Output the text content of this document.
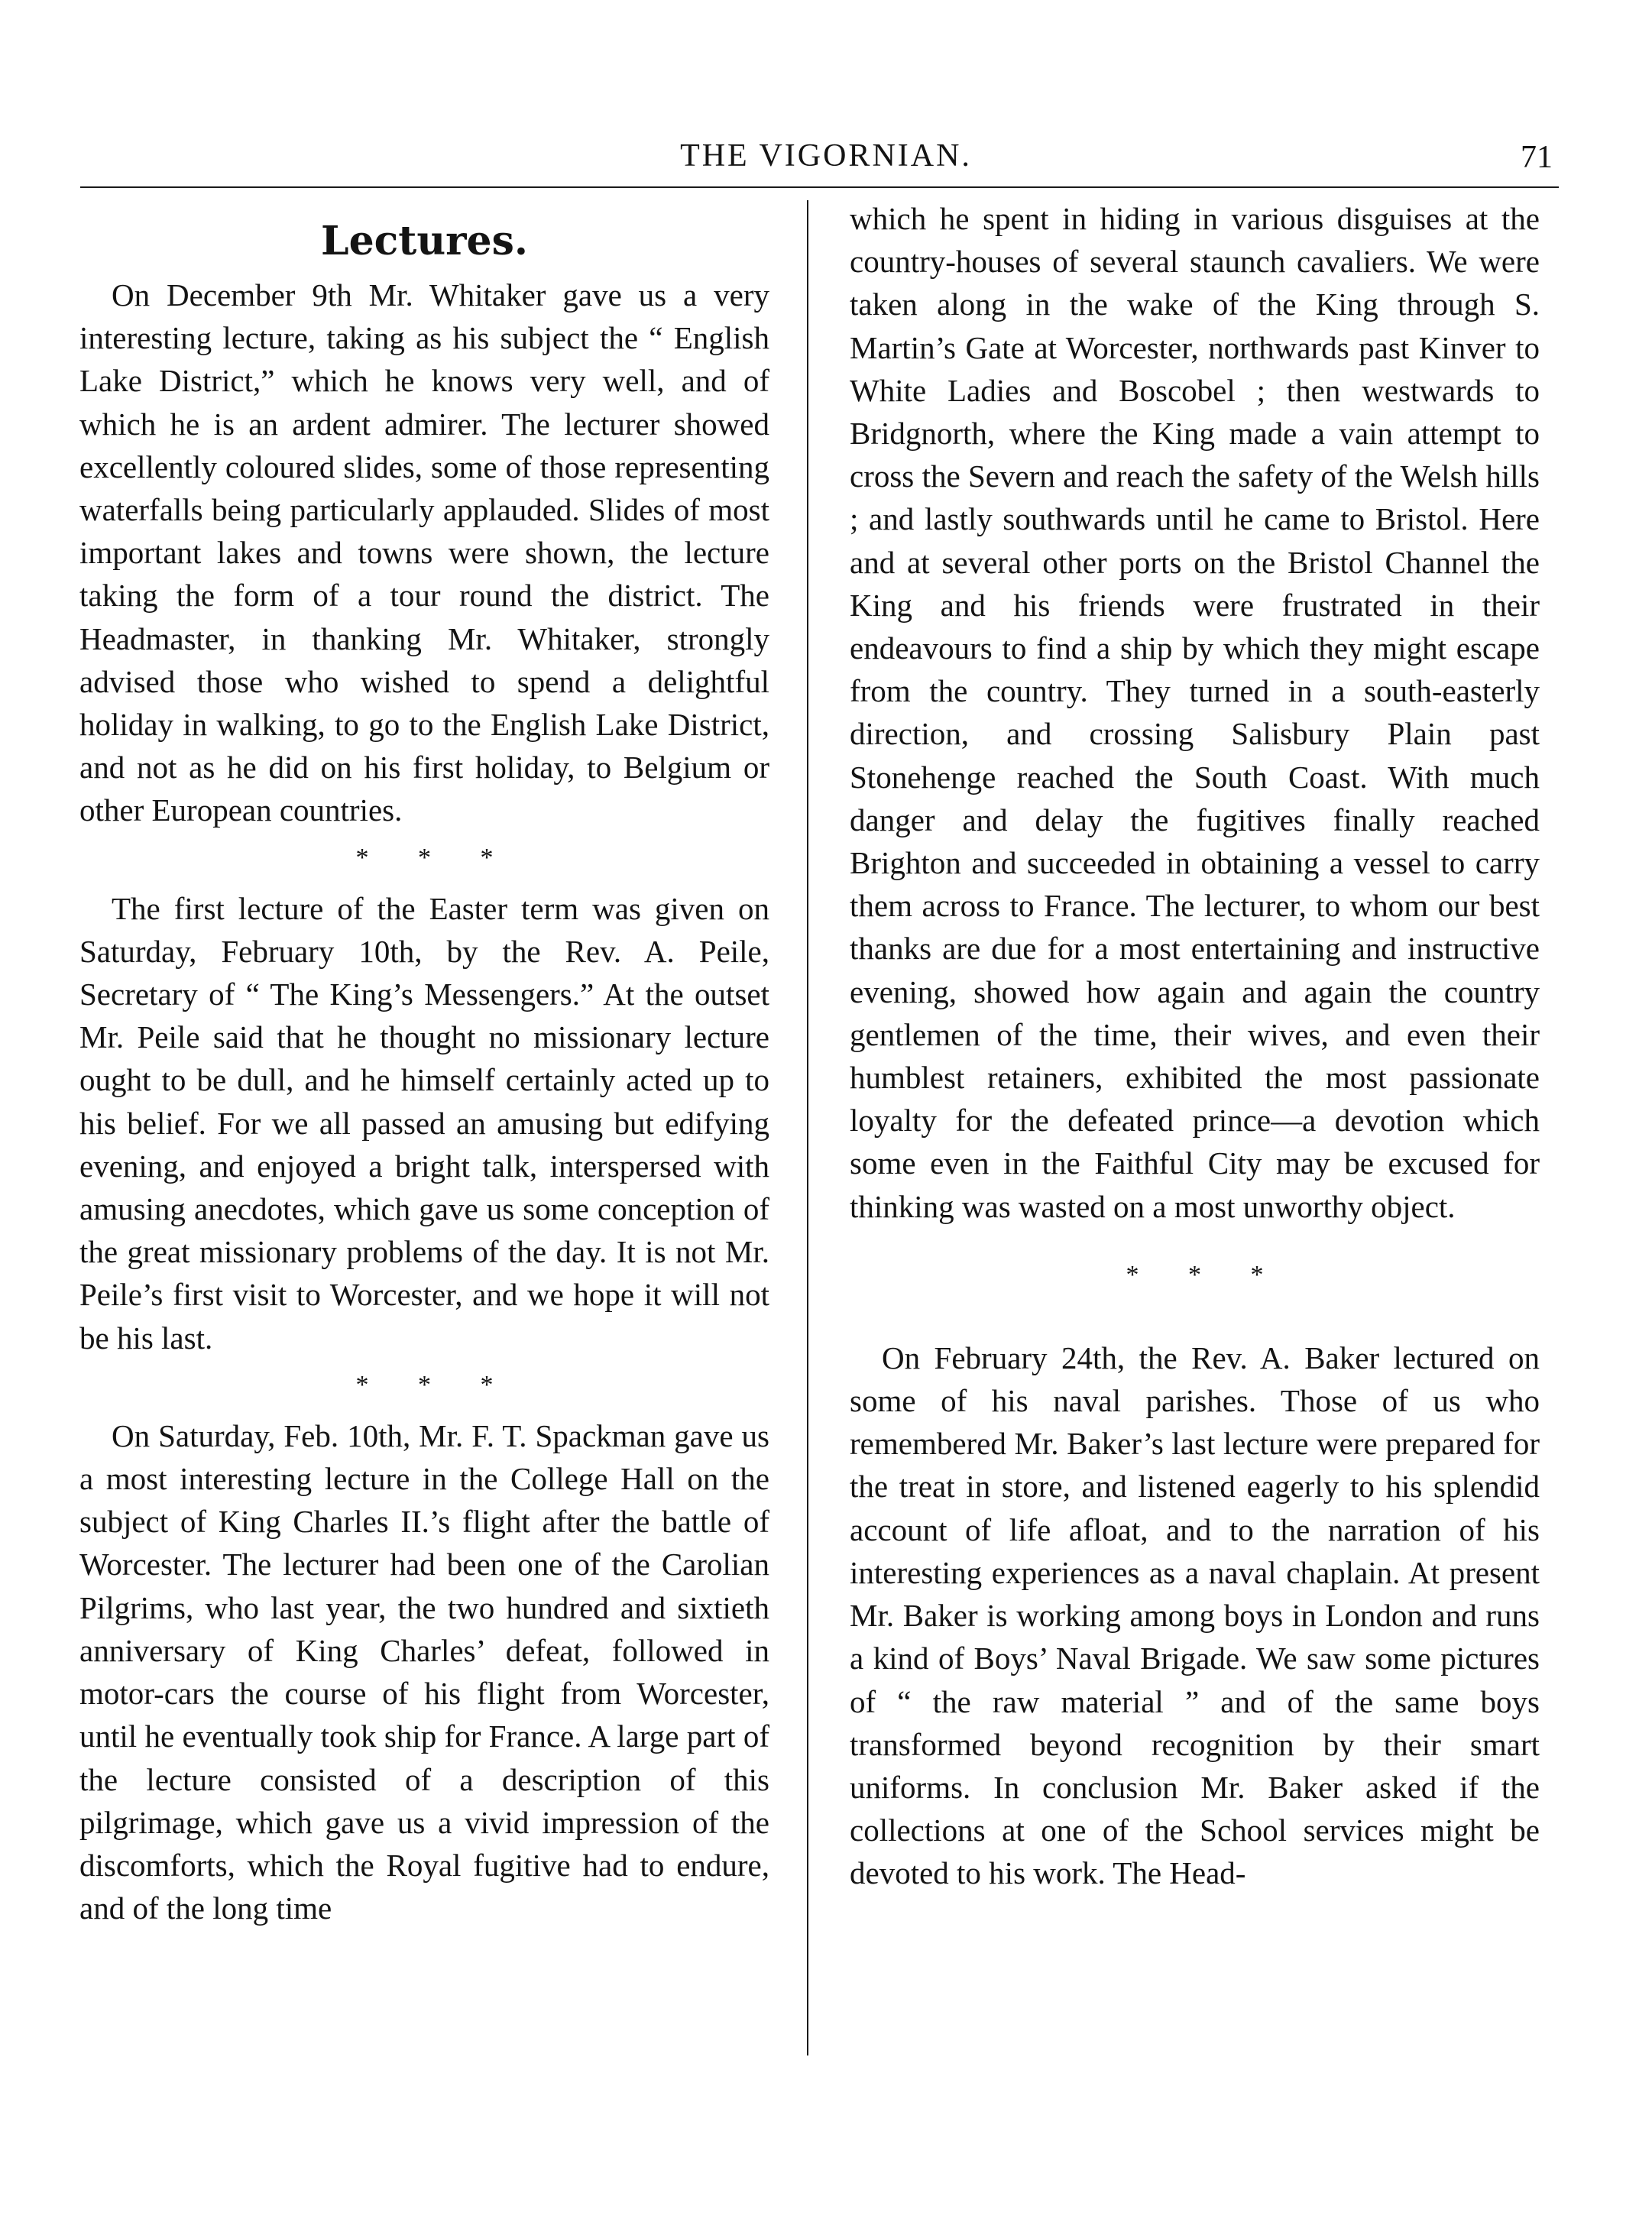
THE VIGORNIAN.	71
Lectures.

On December 9th Mr. Whitaker gave us a very interesting lecture, taking as his subject the “ English Lake District,” which he knows very well, and of which he is an ardent admirer. The lecturer showed excellently coloured slides, some of those representing waterfalls being particularly applauded. Slides of most important lakes and towns were shown, the lecture taking the form of a tour round the district. The Headmaster, in thanking Mr. Whitaker, strongly advised those who wished to spend a delightful holiday in walking, to go to the English Lake District, and not as he did on his first holiday, to Belgium or other European countries.

* * *

The first lecture of the Easter term was given on Saturday, February 10th, by the Rev. A. Peile, Secretary of “ The King’s Messengers.” At the outset Mr. Peile said that he thought no missionary lecture ought to be dull, and he himself certainly acted up to his belief. For we all passed an amusing but edifying evening, and enjoyed a bright talk, interspersed with amusing anecdotes, which gave us some conception of the great missionary problems of the day. It is not Mr. Peile’s first visit to Worcester, and we hope it will not be his last.

* * *

On Saturday, Feb. 10th, Mr. F. T. Spackman gave us a most interesting lecture in the College Hall on the subject of King Charles II.’s flight after the battle of Worcester. The lecturer had been one of the Carolian Pilgrims, who last year, the two hundred and sixtieth anniversary of King Charles’ defeat, followed in motor-cars the course of his flight from Worcester, until he eventually took ship for France. A large part of the lecture consisted of a description of this pilgrimage, which gave us a vivid impression of the discomforts, which the Royal fugitive had to endure, and of the long time

which he spent in hiding in various disguises at the country-houses of several staunch cavaliers. We were taken along in the wake of the King through S. Martin’s Gate at Worcester, northwards past Kinver to White Ladies and Boscobel ; then westwards to Bridgnorth, where the King made a vain attempt to cross the Severn and reach the safety of the Welsh hills ; and lastly southwards until he came to Bristol. Here and at several other ports on the Bristol Channel the King and his friends were frustrated in their endeavours to find a ship by which they might escape from the country. They turned in a south-easterly direction, and crossing Salisbury Plain past Stonehenge reached the South Coast. With much danger and delay the fugitives finally reached Brighton and succeeded in obtaining a vessel to carry them across to France. The lecturer, to whom our best thanks are due for a most entertaining and instructive evening, showed how again and again the country gentlemen of the time, their wives, and even their humblest retainers, exhibited the most passionate loyalty for the defeated prince—a devotion which some even in the Faithful City may be excused for thinking was wasted on a most unworthy object.

* * *

On February 24th, the Rev. A. Baker lectured on some of his naval parishes. Those of us who remembered Mr. Baker’s last lecture were prepared for the treat in store, and listened eagerly to his splendid account of life afloat, and to the narration of his interesting experiences as a naval chaplain. At present Mr. Baker is working among boys in London and runs a kind of Boys’ Naval Brigade. We saw some pictures of “ the raw material ” and of the same boys transformed beyond recognition by their smart uniforms. In conclusion Mr. Baker asked if the collections at one of the School services might be devoted to his work. The Head-
